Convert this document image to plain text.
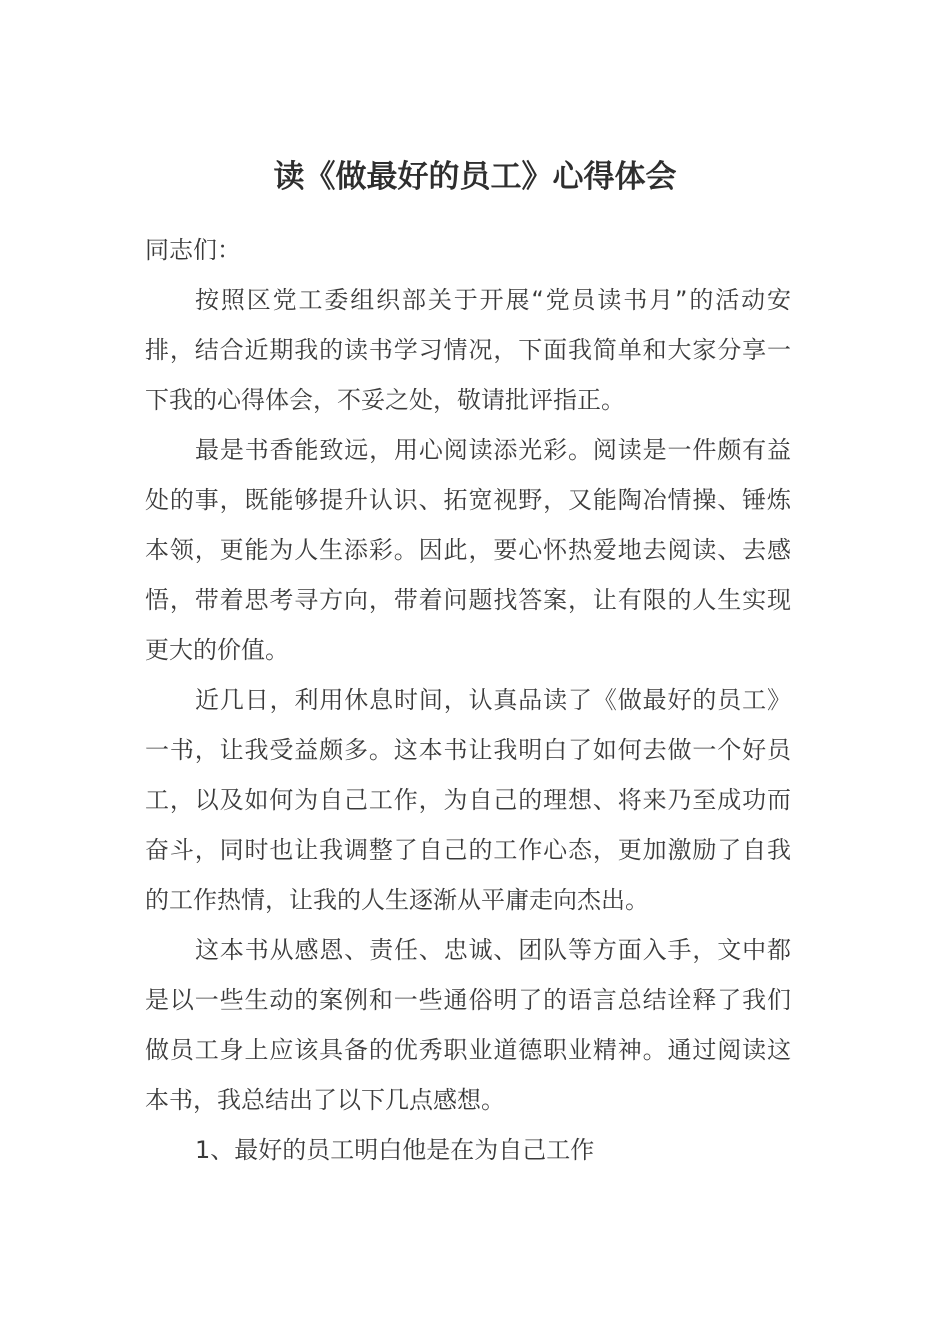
读《做最好的员工》心得体会

同志们：

按照区党工委组织部关于开展“党员读书月”的活动安排，结合近期我的读书学习情况，下面我简单和大家分享一下我的心得体会，不妥之处，敬请批评指正。

最是书香能致远，用心阅读添光彩。阅读是一件颇有益处的事，既能够提升认识、拓宽视野，又能陶冶情操、锤炼本领，更能为人生添彩。因此，要心怀热爱地去阅读、去感悟，带着思考寻方向，带着问题找答案，让有限的人生实现更大的价值。

近几日，利用休息时间，认真品读了《做最好的员工》一书，让我受益颇多。这本书让我明白了如何去做一个好员工，以及如何为自己工作，为自己的理想、将来乃至成功而奋斗，同时也让我调整了自己的工作心态，更加激励了自我的工作热情，让我的人生逐渐从平庸走向杰出。

这本书从感恩、责任、忠诚、团队等方面入手，文中都是以一些生动的案例和一些通俗明了的语言总结诠释了我们做员工身上应该具备的优秀职业道德职业精神。通过阅读这本书，我总结出了以下几点感想。

1、最好的员工明白他是在为自己工作
